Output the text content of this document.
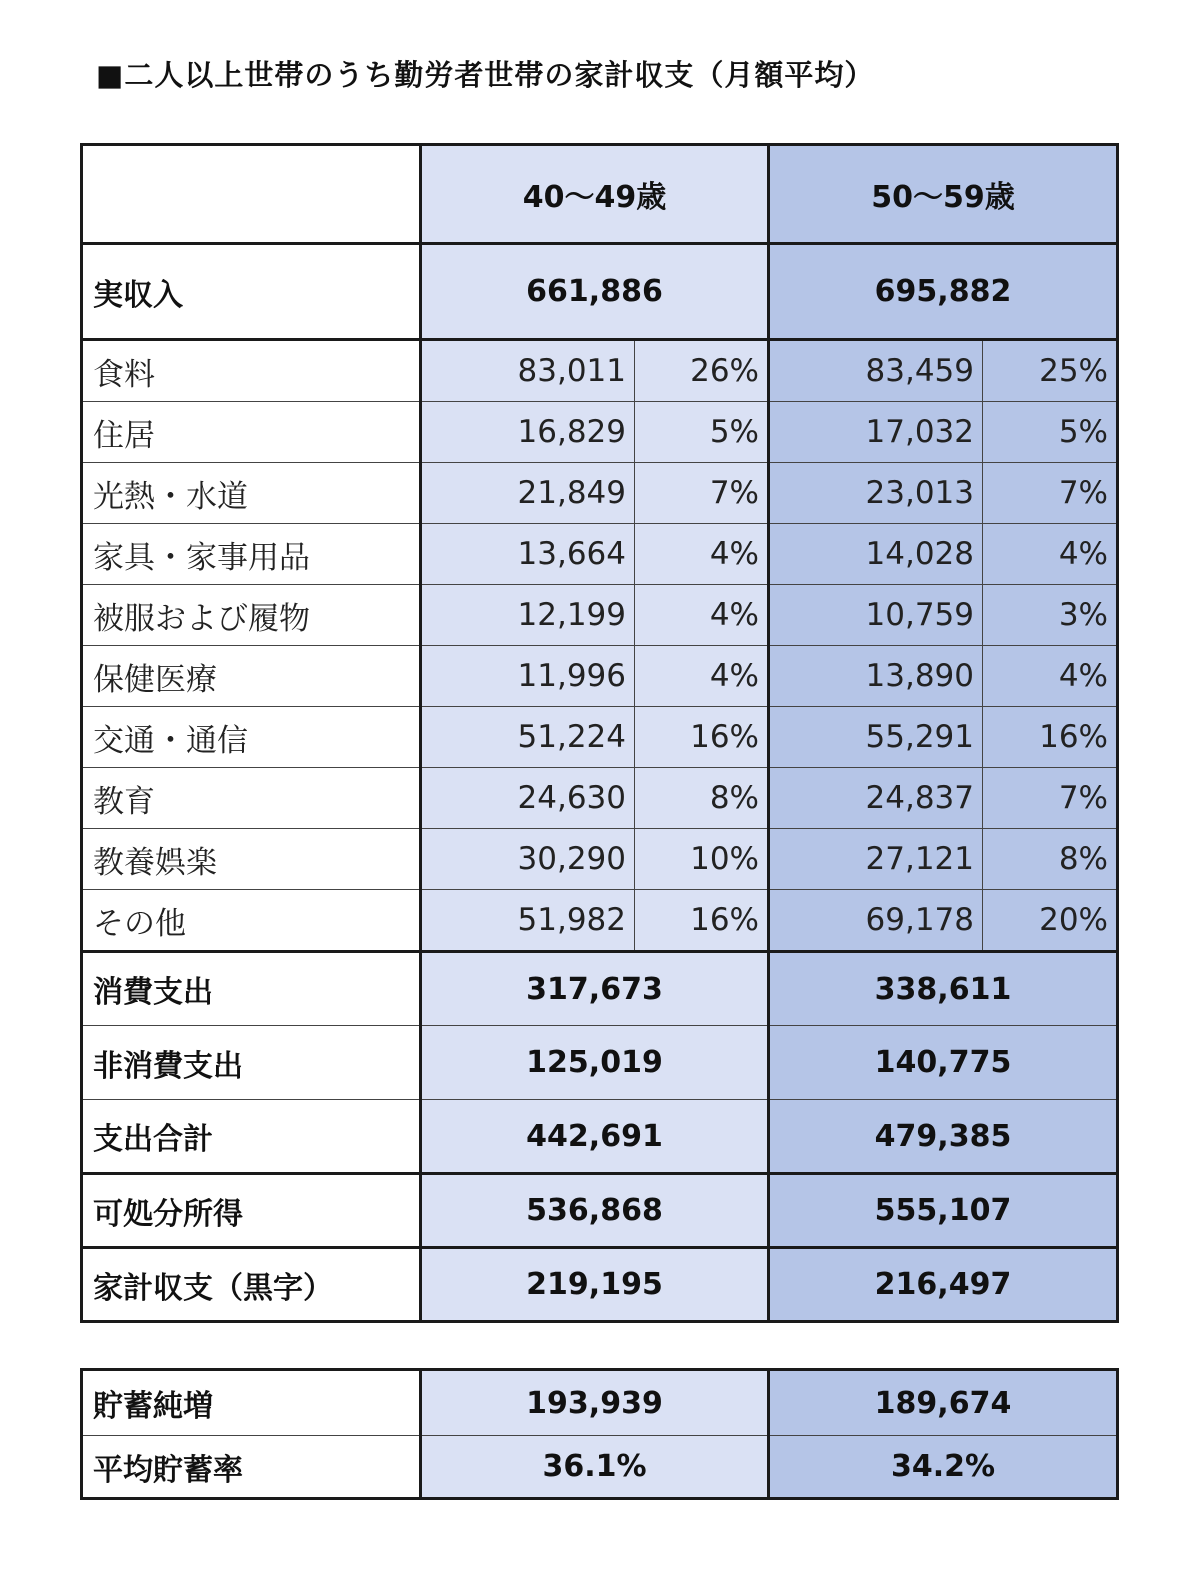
■二人以上世帯のうち勤労者世帯の家計収支（月額平均）
	40～49歳		50～59歳	
実収入	661,886		695,882	
食料	83,011	26%	83,459	25%
住居	16,829	5%	17,032	5%
光熱・水道	21,849	7%	23,013	7%
家具・家事用品	13,664	4%	14,028	4%
被服および履物	12,199	4%	10,759	3%
保健医療	11,996	4%	13,890	4%
交通・通信	51,224	16%	55,291	16%
教育	24,630	8%	24,837	7%
教養娯楽	30,290	10%	27,121	8%
その他	51,982	16%	69,178	20%
消費支出	317,673		338,611	
非消費支出	125,019		140,775	
支出合計	442,691		479,385	
可処分所得	536,868		555,107	
家計収支（黒字）	219,195		216,497	
貯蓄純増	193,939	189,674
平均貯蓄率	36.1%	34.2%
